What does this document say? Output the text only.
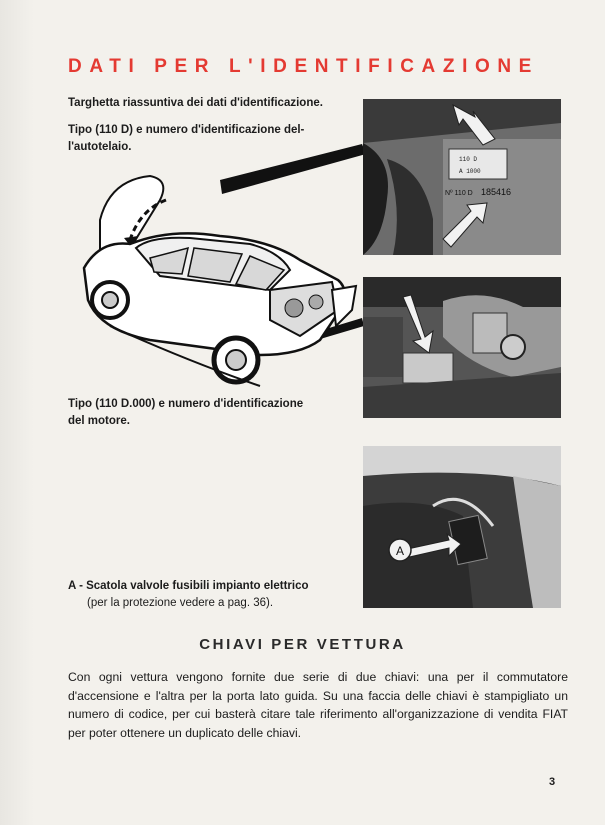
DATI PER L'IDENTIFICAZIONE
Targhetta riassuntiva dei dati d'identificazione.
Tipo (110 D) e numero d'identificazione del-
l'autotelaio.
110 D
A 1000
Nº 110 D 185416
Tipo (110 D.000) e numero d'identificazione
del motore.
A
A - Scatola valvole fusibili impianto elettrico
(per la protezione vedere a pag. 36).
CHIAVI PER VETTURA
Con ogni vettura vengono fornite due serie di due chiavi: una per il commutatore d'accensione e l'altra per la porta lato guida. Su una faccia delle chiavi è stampigliato un numero di codice, per cui basterà citare tale riferimento all'organizzazione di vendita FIAT per poter ottenere un duplicato delle chiavi.
3
